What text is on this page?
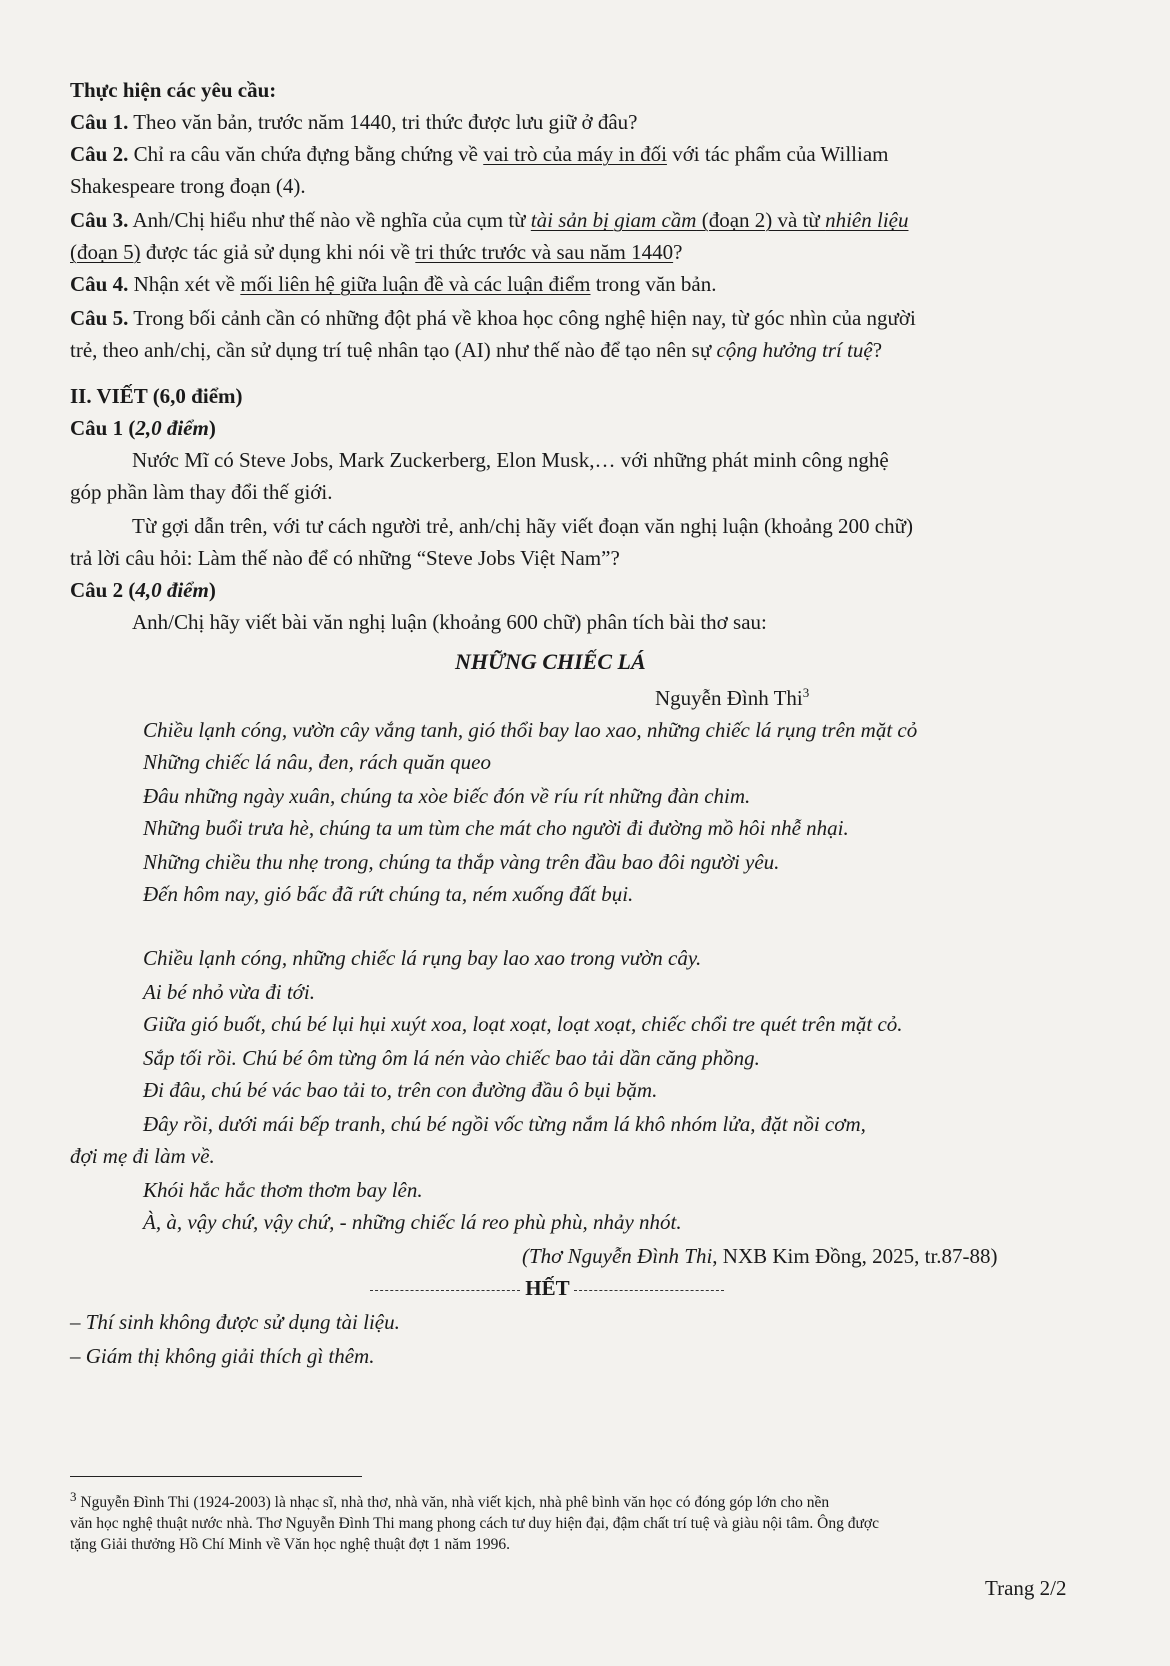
Thực hiện các yêu cầu:
Câu 1. Theo văn bản, trước năm 1440, tri thức được lưu giữ ở đâu?
Câu 2. Chỉ ra câu văn chứa đựng bằng chứng về vai trò của máy in đối với tác phẩm của William
Shakespeare trong đoạn (4).
Câu 3. Anh/Chị hiểu như thế nào về nghĩa của cụm từ tài sản bị giam cầm (đoạn 2) và từ nhiên liệu
(đoạn 5) được tác giả sử dụng khi nói về tri thức trước và sau năm 1440?
Câu 4. Nhận xét về mối liên hệ giữa luận đề và các luận điểm trong văn bản.
Câu 5. Trong bối cảnh cần có những đột phá về khoa học công nghệ hiện nay, từ góc nhìn của người
trẻ, theo anh/chị, cần sử dụng trí tuệ nhân tạo (AI) như thế nào để tạo nên sự cộng hưởng trí tuệ?
II. VIẾT (6,0 điểm)
Câu 1 (2,0 điểm)
Nước Mĩ có Steve Jobs, Mark Zuckerberg, Elon Musk,… với những phát minh công nghệ
góp phần làm thay đổi thế giới.
Từ gợi dẫn trên, với tư cách người trẻ, anh/chị hãy viết đoạn văn nghị luận (khoảng 200 chữ)
trả lời câu hỏi: Làm thế nào để có những “Steve Jobs Việt Nam”?
Câu 2 (4,0 điểm)
Anh/Chị hãy viết bài văn nghị luận (khoảng 600 chữ) phân tích bài thơ sau:
NHỮNG CHIẾC LÁ
Nguyễn Đình Thi$^3$
Chiều lạnh cóng, vườn cây vắng tanh, gió thổi bay lao xao, những chiếc lá rụng trên mặt cỏ
Những chiếc lá nâu, đen, rách quăn queo
Đâu những ngày xuân, chúng ta xòe biếc đón về ríu rít những đàn chim.
Những buổi trưa hè, chúng ta um tùm che mát cho người đi đường mồ hôi nhễ nhại.
Những chiều thu nhẹ trong, chúng ta thắp vàng trên đầu bao đôi người yêu.
Đến hôm nay, gió bấc đã rứt chúng ta, ném xuống đất bụi.
Chiều lạnh cóng, những chiếc lá rụng bay lao xao trong vườn cây.
Ai bé nhỏ vừa đi tới.
Giữa gió buốt, chú bé lụi hụi xuýt xoa, loạt xoạt, loạt xoạt, chiếc chổi tre quét trên mặt cỏ.
Sắp tối rồi. Chú bé ôm từng ôm lá nén vào chiếc bao tải dần căng phồng.
Đi đâu, chú bé vác bao tải to, trên con đường đầu ô bụi bặm.
Đây rồi, dưới mái bếp tranh, chú bé ngồi vốc từng nắm lá khô nhóm lửa, đặt nồi cơm,
đợi mẹ đi làm về.
Khói hắc hắc thơm thơm bay lên.
À, à, vậy chứ, vậy chứ, - những chiếc lá reo phù phù, nhảy nhót.
(Thơ Nguyễn Đình Thi, NXB Kim Đồng, 2025, tr.87-88)
HẾT
– Thí sinh không được sử dụng tài liệu.
– Giám thị không giải thích gì thêm.
$^3$ Nguyễn Đình Thi (1924-2003) là nhạc sĩ, nhà thơ, nhà văn, nhà viết kịch, nhà phê bình văn học có đóng góp lớn cho nền
văn học nghệ thuật nước nhà. Thơ Nguyễn Đình Thi mang phong cách tư duy hiện đại, đậm chất trí tuệ và giàu nội tâm. Ông được
tặng Giải thưởng Hồ Chí Minh về Văn học nghệ thuật đợt 1 năm 1996.
Trang 2/2
